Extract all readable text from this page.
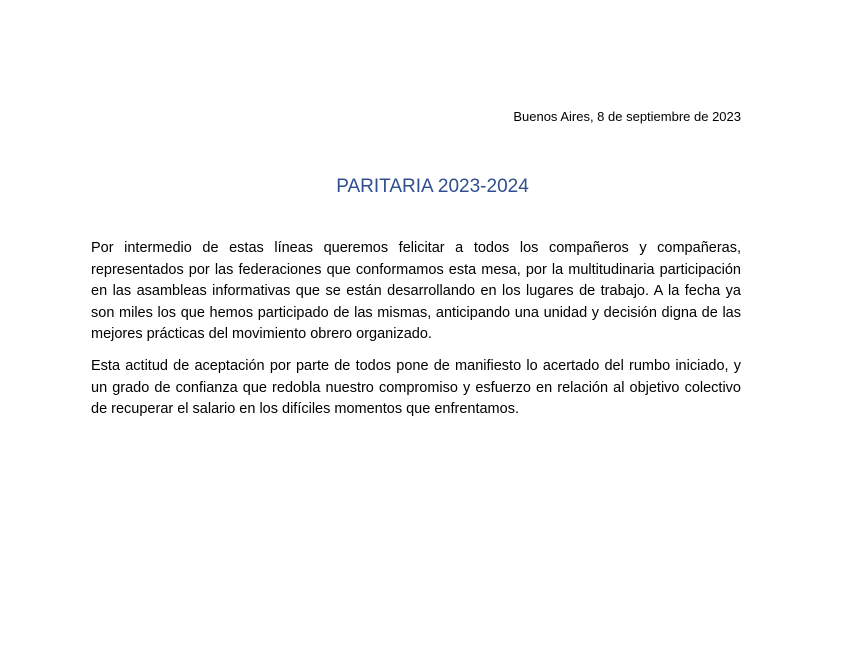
Buenos Aires, 8 de septiembre de 2023
PARITARIA 2023-2024

Por intermedio de estas líneas queremos felicitar a todos los compañeros y compañeras, representados por las federaciones que conformamos esta mesa, por la multitudinaria participación en las asambleas informativas que se están desarrollando en los lugares de trabajo. A la fecha ya son miles los que hemos participado de las mismas, anticipando una unidad y decisión digna de las mejores prácticas del movimiento obrero organizado.

Esta actitud de aceptación por parte de todos pone de manifiesto lo acertado del rumbo iniciado, y un grado de confianza que redobla nuestro compromiso y esfuerzo en relación al objetivo colectivo de recuperar el salario en los difíciles momentos que enfrentamos.
